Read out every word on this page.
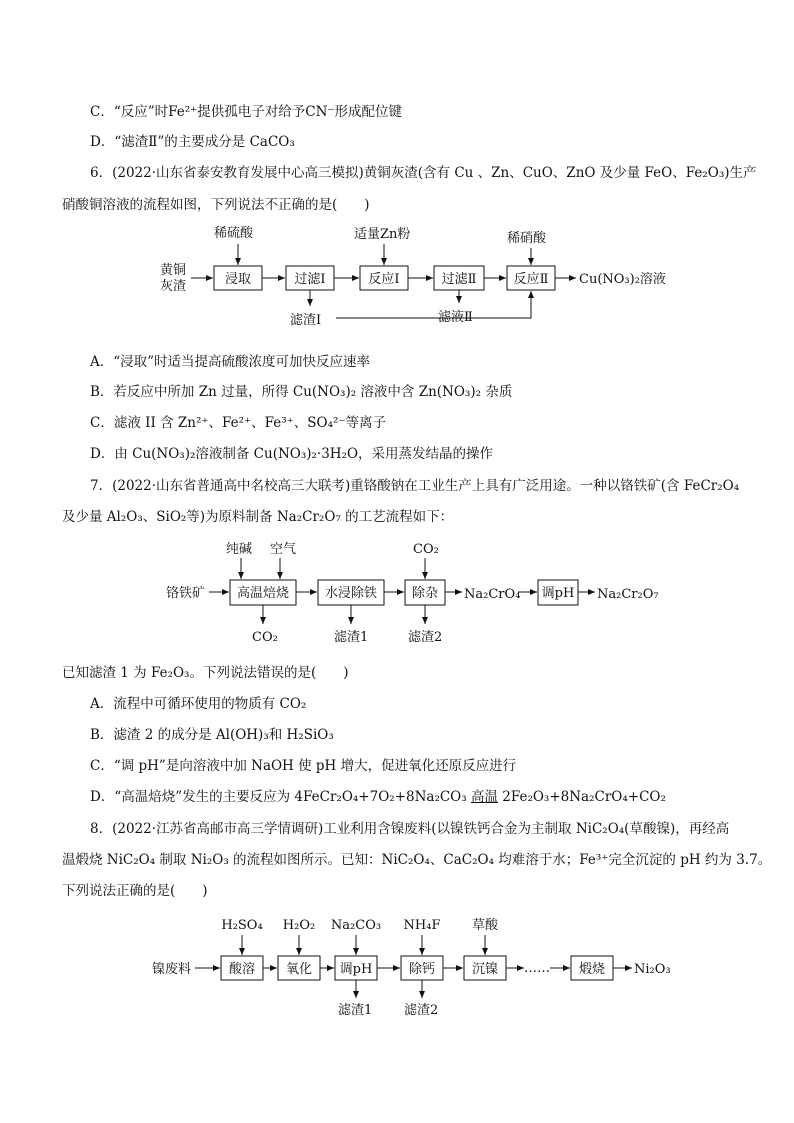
C．“反应”时Fe²⁺提供孤电子对给予CN⁻形成配位键
D．“滤渣Ⅱ”的主要成分是 CaCO₃
6．(2022·山东省泰安教育发展中心高三模拟)黄铜灰渣(含有 Cu 、Zn、CuO、ZnO 及少量 FeO、Fe₂O₃)生产
硝酸铜溶液的流程如图，下列说法不正确的是(　　)
黄铜
灰渣
稀硫酸	适量Zn粉	稀硝酸
浸取	过滤Ⅰ	反应Ⅰ	过滤Ⅱ	反应Ⅱ Cu(NO₃)₂溶液
滤渣Ⅰ	滤液Ⅱ
A．“浸取”时适当提高硫酸浓度可加快反应速率
B．若反应中所加 Zn 过量，所得 Cu(NO₃)₂ 溶液中含 Zn(NO₃)₂ 杂质
C．滤液 II 含 Zn²⁺、Fe²⁺、Fe³⁺、SO₄²⁻等离子
D．由 Cu(NO₃)₂溶液制备 Cu(NO₃)₂·3H₂O，采用蒸发结晶的操作
7．(2022·山东省普通高中名校高三大联考)重铬酸钠在工业生产上具有广泛用途。一种以铬铁矿(含 FeCr₂O₄
及少量 Al₂O₃、SiO₂等)为原料制备 Na₂Cr₂O₇ 的工艺流程如下：
铬铁矿
纯碱 空气	CO₂
高温焙烧	水浸除铁	除杂 Na₂CrO₄ 调pH Na₂Cr₂O₇
CO₂	滤渣1	滤渣2
已知滤渣 1 为 Fe₂O₃。下列说法错误的是(　　)
A．流程中可循环使用的物质有 CO₂
B．滤渣 2 的成分是 Al(OH)₃和 H₂SiO₃
C．“调 pH”是向溶液中加 NaOH 使 pH 增大，促进氧化还原反应进行
D．“高温焙烧”发生的主要反应为 4FeCr₂O₄+7O₂+8Na₂CO₃ 高温 2Fe₂O₃+8Na₂CrO₄+CO₂
8．(2022·江苏省高邮市高三学情调研)工业利用含镍废料(以镍铁钙合金为主制取 NiC₂O₄(草酸镍)，再经高
温煅烧 NiC₂O₄ 制取 Ni₂O₃ 的流程如图所示。已知：NiC₂O₄、CaC₂O₄ 均难溶于水；Fe³⁺完全沉淀的 pH 约为 3.7。
下列说法正确的是(　　)
镍废料
H₂SO₄ H₂O₂ Na₂CO₃ NH₄F 草酸
酸溶 氧化 调pH	除钙	沉镍 …… 煅烧 Ni₂O₃
滤渣1 滤渣2
